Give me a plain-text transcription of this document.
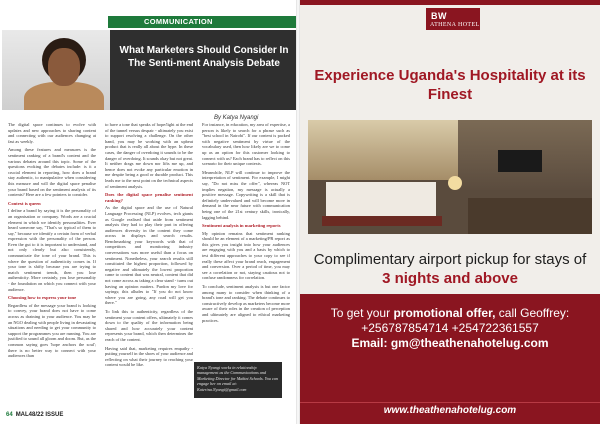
COMMUNICATION
What Marketers Should Consider In The Senti-ment Analysis Debate
By Katya Nyangi

The digital space continues to evolve with updates and new approaches to sharing content and connecting with our audiences changing at fast as weekly.

Among these features and measures is the sentiment ranking of a brand's content and the various debates around this topic. Some of the questions evoking the debates include: is it a crucial element in reporting, how does a brand stay authentic, to manipulative when considering this measure and will the digital space penalise your brand based on the sentiment analysis of its contents? Here are a few pointers to consider.

Context is queen

I define a brand by saying it is the personality of an organisation or company. Words are a crucial element in which we identify personalities. Ever heard someone say, "That's so typical of them to say," because we identify a certain form of verbal expression with the personality of the person. Even the gut to it is important to understand, and not only clearly but also consistently, communicate the tone of your brand. This is where the question of authenticity comes in. If your tone is shifty because you are trying to match sentiment trends, then you lose authenticity. More certainly, you lose personality - the foundation on which you connect with your audience.

Choosing how to express your tone

Regardless of the message your brand is looking to convey, your brand does not have to come across as draining to your audience. You may be an NGO dealing with people living in devastating situations and needing to get your community to support the programmes you are running. You are justified to sound all gloom and doom. But, as the common saying goes 'hope anchors the soul'; there is no better way to connect with your audiences than

to have a tone that speaks of hope/light at the end of the tunnel versus despair - ultimately you exist to support resolving a challenge. On the other hand, you may be working with an upbeat product that is really all about the hype. In these cases, the danger of overdoing it sounds to be the danger of overdoing. It sounds okay but not great. It neither drags me down nor lifts me up, and hence does not evoke any particular emotion in me despite being a good or durable product. This leads me to the next point on the technical aspects of sentiment analysis.

Does the digital space penalise sentiment ranking?

As the digital space and the use of Natural Language Processing (NLP) evolves, tech giants as Google realised that aside from sentiment analysis they had to play their part in offering audiences diversity in the content they come across in displays and search results. Benchmarking your keywords with that of competitors and monitoring industry conversations was more useful than a focus on sentiment. Nonetheless, your search results still constituted the highest proportion, followed by negative and ultimately the lowest proportion came to content that was neutral, content that did not come across as taking a clear stand - turns out having an opinion matters. Pardon my love for sayings; this alludes to "If you do not know where you are going, any road will get you there."

To link this to authenticity, regardless of the sentiment your content offers, ultimately it comes down to the quality of the information being shared and how accurately your content represents your brand, which then determines the reach of the content.

Having said that, marketing requires empathy - putting yourself in the shoes of your audience and reflecting on what their journey to reaching your content would be like.

For instance, in education, my area of expertise, a person is likely to search for a phrase such as "best school in Nairobi". If our content is packed with negative sentiment by virtue of the vocabulary used, then how likely are we to come up as an option for this customer looking to connect with us? Each brand has to reflect on this scenario for their unique contexts.

Meanwhile, NLP will continue to improve the interpretation of sentiment. For example, I might say, "Do not miss the offer", whereas NOT implies negation, my message is actually a positive message. Copywriting is a skill that is definitely undervalued and will become more in demand in the near future with communication being one of the 21st century skills, ironically, lagging behind.

Sentiment analysis in marketing reports

My opinion remains that sentiment ranking should be an element of a marketing/PR report as this gives you insight into how your audiences are engaging with you and a basis by which to test different approaches to your copy to see if really these affect your brand reach, engagement and conversion. Over a period of time, you may see a correlation or not, staying cautious not to confuse randomness for correlation.

To conclude, sentiment analysis is but one factor among many to consider when thinking of a brand's tone and ranking. The debate continues to constructively develop as marketers become more aware of their roles in the creation of perception and ultimately are aligned to ethical marketing practices.

Katya Nyangi works in relationship management as the Communications and Marketing Director for Makini Schools. You can engage her on email at: Katerina.Nyangi@gmail.com
64 MAL48/22 ISSUE
BW
ATHENA HOTEL
Experience Uganda's Hospitality at its Finest
Complimentary airport pickup for stays of 3 nights and above
To get your promotional offer, call Geoffrey:
+256787854714 +254722361557
Email: gm@theathenahotelug.com
www.theathenahotelug.com
